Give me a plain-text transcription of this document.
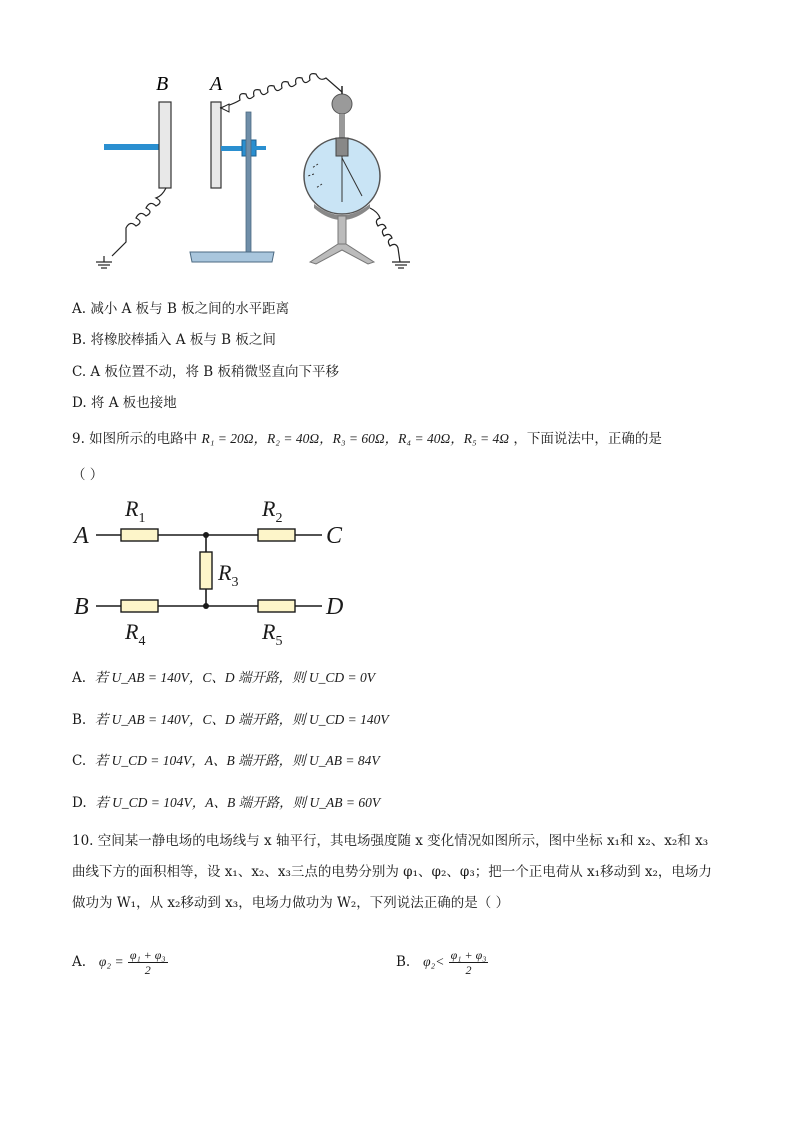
B A
A. 减小 A 板与 B 板之间的水平距离
B. 将橡胶棒插入 A 板与 B 板之间
C. A 板位置不动，将 B 板稍微竖直向下平移
D. 将 A 板也接地
9. 如图所示的电路中 R₁ = 20Ω，R₂ = 40Ω，R₃ = 60Ω，R₄ = 40Ω，R₅ = 4Ω ，下面说法中，正确的是
（ ）
A
B
C
D
$R_1$	$R_2$
$R_3$
$R_4$	$R_5$
A. 若 U_AB = 140V，C、D 端开路，则 U_CD = 0V
B. 若 U_AB = 140V，C、D 端开路，则 U_CD = 140V
C. 若 U_CD = 104V，A、B 端开路，则 U_AB = 84V
D. 若 U_CD = 104V，A、B 端开路，则 U_AB = 60V
10. 空间某一静电场的电场线与 x 轴平行，其电场强度随 x 变化情况如图所示，图中坐标 x₁和 x₂、x₂和 x₃
曲线下方的面积相等，设 x₁、x₂、x₃三点的电势分别为 φ₁、φ₂、φ₃；把一个正电荷从 x₁移动到 x₂，电场力
做功为 W₁，从 x₂移动到 x₃，电场力做功为 W₂，下列说法正确的是（ ）
A. $\varphi_2 = \frac{\text{φ₁ + φ₃}}{2}$	B. $\varphi_2< \frac{\text{φ₁ + φ₃}}{2}$
